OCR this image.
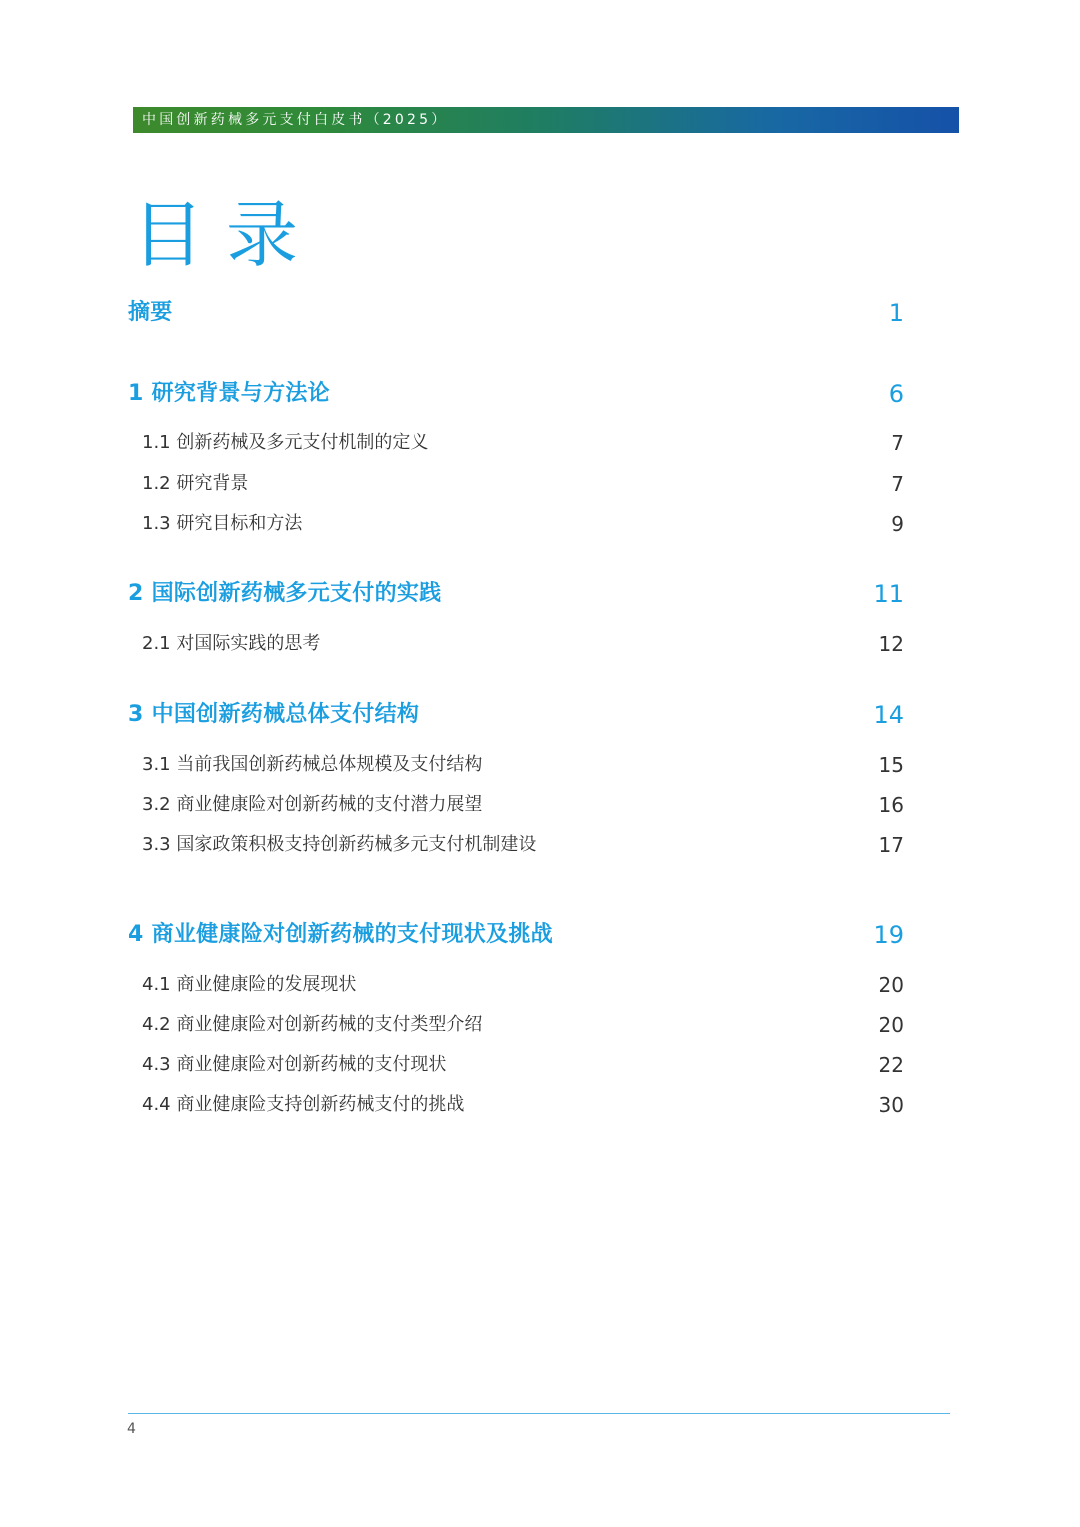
中国创新药械多元支付白皮书（2025）
目 录
摘要	1
1 研究背景与方法论	6
1.1 创新药械及多元支付机制的定义	7
1.2 研究背景	7
1.3 研究目标和方法	9
2 国际创新药械多元支付的实践	11
2.1 对国际实践的思考	12
3 中国创新药械总体支付结构	14
3.1 当前我国创新药械总体规模及支付结构	15
3.2 商业健康险对创新药械的支付潜力展望	16
3.3 国家政策积极支持创新药械多元支付机制建设	17
4 商业健康险对创新药械的支付现状及挑战	19
4.1 商业健康险的发展现状	20
4.2 商业健康险对创新药械的支付类型介绍	20
4.3 商业健康险对创新药械的支付现状	22
4.4 商业健康险支持创新药械支付的挑战	30
4
